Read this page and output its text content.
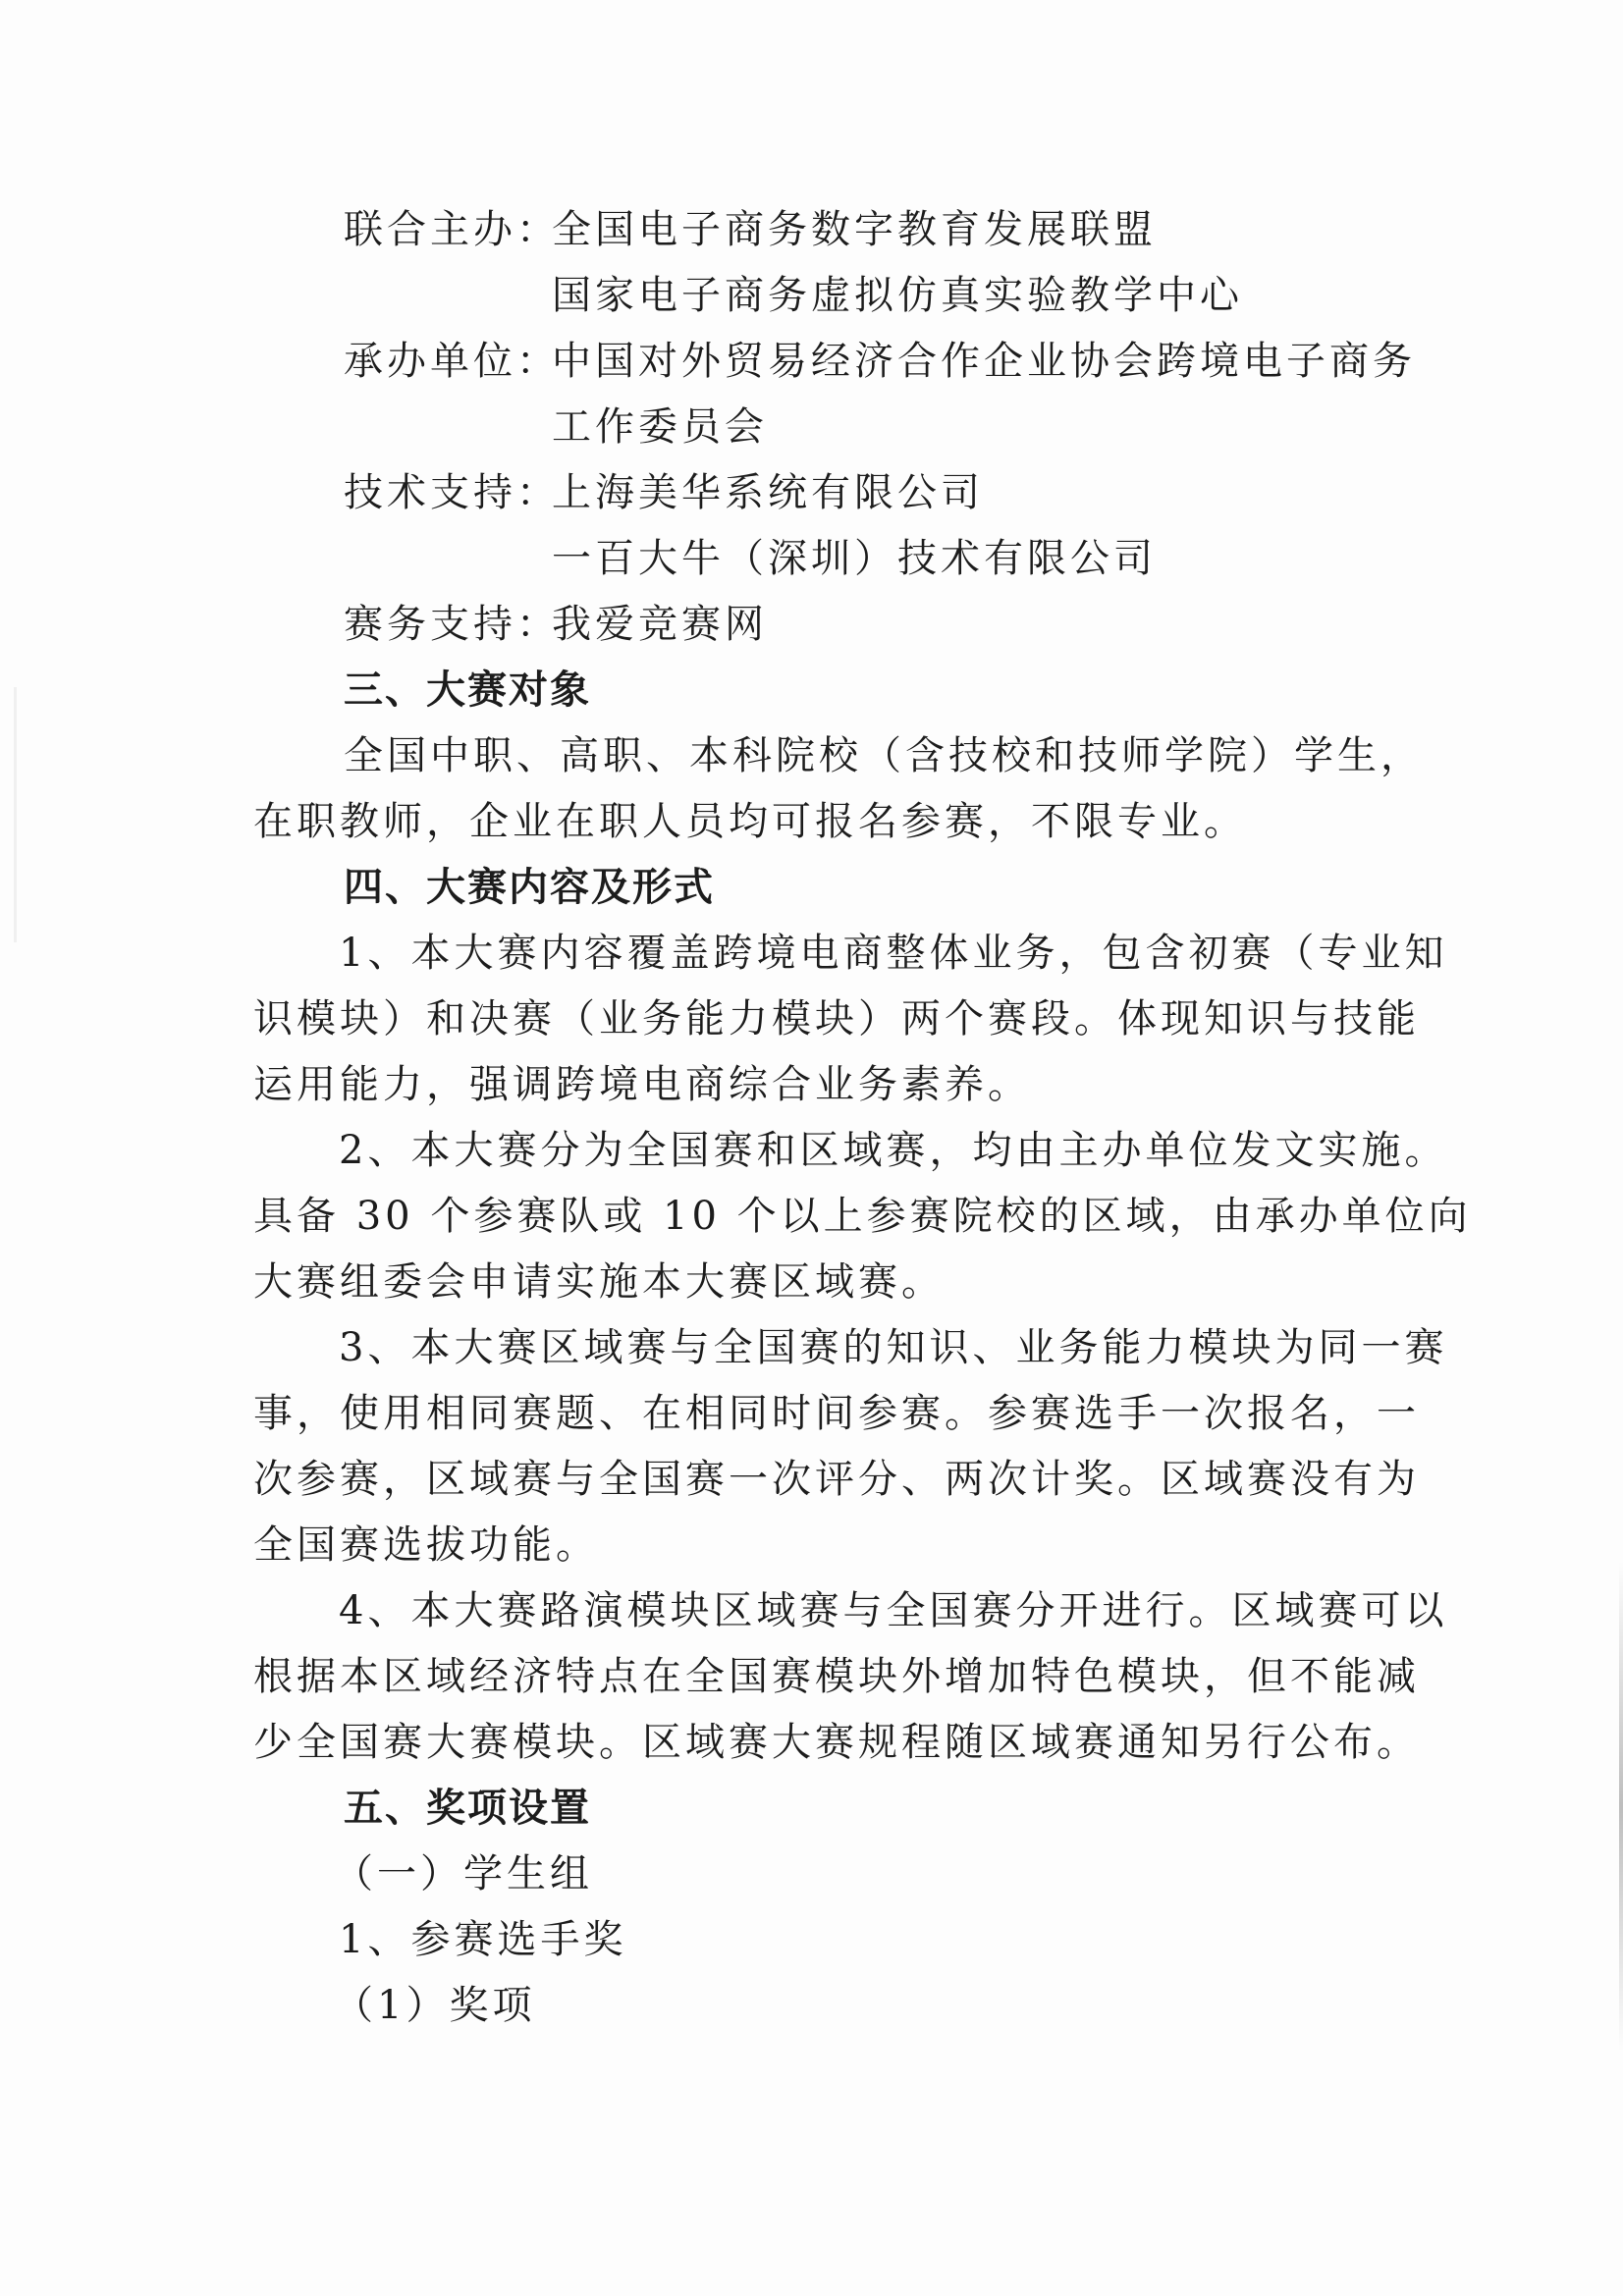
联合主办：
全国电子商务数字教育发展联盟
国家电子商务虚拟仿真实验教学中心
承办单位：
中国对外贸易经济合作企业协会跨境电子商务
工作委员会
技术支持：
上海美华系统有限公司
一百大牛（深圳）技术有限公司
赛务支持：
我爱竞赛网
三、大赛对象
全国中职、高职、本科院校（含技校和技师学院）学生，
在职教师，企业在职人员均可报名参赛，不限专业。
四、大赛内容及形式
1、本大赛内容覆盖跨境电商整体业务，包含初赛（专业知
识模块）和决赛（业务能力模块）两个赛段。体现知识与技能
运用能力，强调跨境电商综合业务素养。
2、本大赛分为全国赛和区域赛，均由主办单位发文实施。
具备 30 个参赛队或 10 个以上参赛院校的区域，由承办单位向
大赛组委会申请实施本大赛区域赛。
3、本大赛区域赛与全国赛的知识、业务能力模块为同一赛
事，使用相同赛题、在相同时间参赛。参赛选手一次报名，一
次参赛，区域赛与全国赛一次评分、两次计奖。区域赛没有为
全国赛选拔功能。
4、本大赛路演模块区域赛与全国赛分开进行。区域赛可以
根据本区域经济特点在全国赛模块外增加特色模块，但不能减
少全国赛大赛模块。区域赛大赛规程随区域赛通知另行公布。
五、奖项设置
（一）学生组
1、参赛选手奖
（1）奖项
